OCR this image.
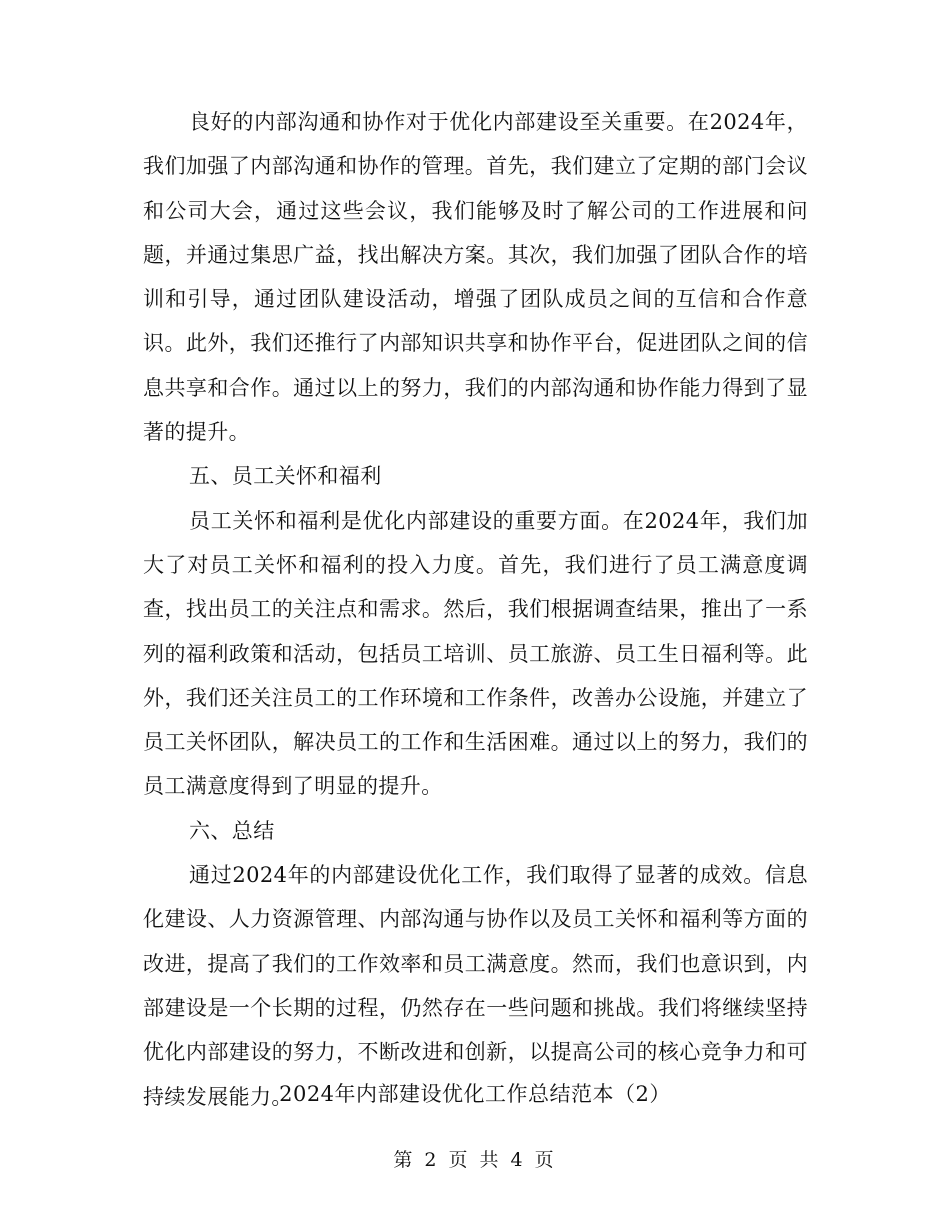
良好的内部沟通和协作对于优化内部建设至关重要。在2024年，我们加强了内部沟通和协作的管理。首先，我们建立了定期的部门会议和公司大会，通过这些会议，我们能够及时了解公司的工作进展和问题，并通过集思广益，找出解决方案。其次，我们加强了团队合作的培训和引导，通过团队建设活动，增强了团队成员之间的互信和合作意识。此外，我们还推行了内部知识共享和协作平台，促进团队之间的信息共享和合作。通过以上的努力，我们的内部沟通和协作能力得到了显著的提升。

五、员工关怀和福利

员工关怀和福利是优化内部建设的重要方面。在2024年，我们加大了对员工关怀和福利的投入力度。首先，我们进行了员工满意度调查，找出员工的关注点和需求。然后，我们根据调查结果，推出了一系列的福利政策和活动，包括员工培训、员工旅游、员工生日福利等。此外，我们还关注员工的工作环境和工作条件，改善办公设施，并建立了员工关怀团队，解决员工的工作和生活困难。通过以上的努力，我们的员工满意度得到了明显的提升。

六、总结

通过2024年的内部建设优化工作，我们取得了显著的成效。信息化建设、人力资源管理、内部沟通与协作以及员工关怀和福利等方面的改进，提高了我们的工作效率和员工满意度。然而，我们也意识到，内部建设是一个长期的过程，仍然存在一些问题和挑战。我们将继续坚持优化内部建设的努力，不断改进和创新，以提高公司的核心竞争力和可持续发展能力。

2024年内部建设优化工作总结范本（2）
第 2 页 共 4 页
